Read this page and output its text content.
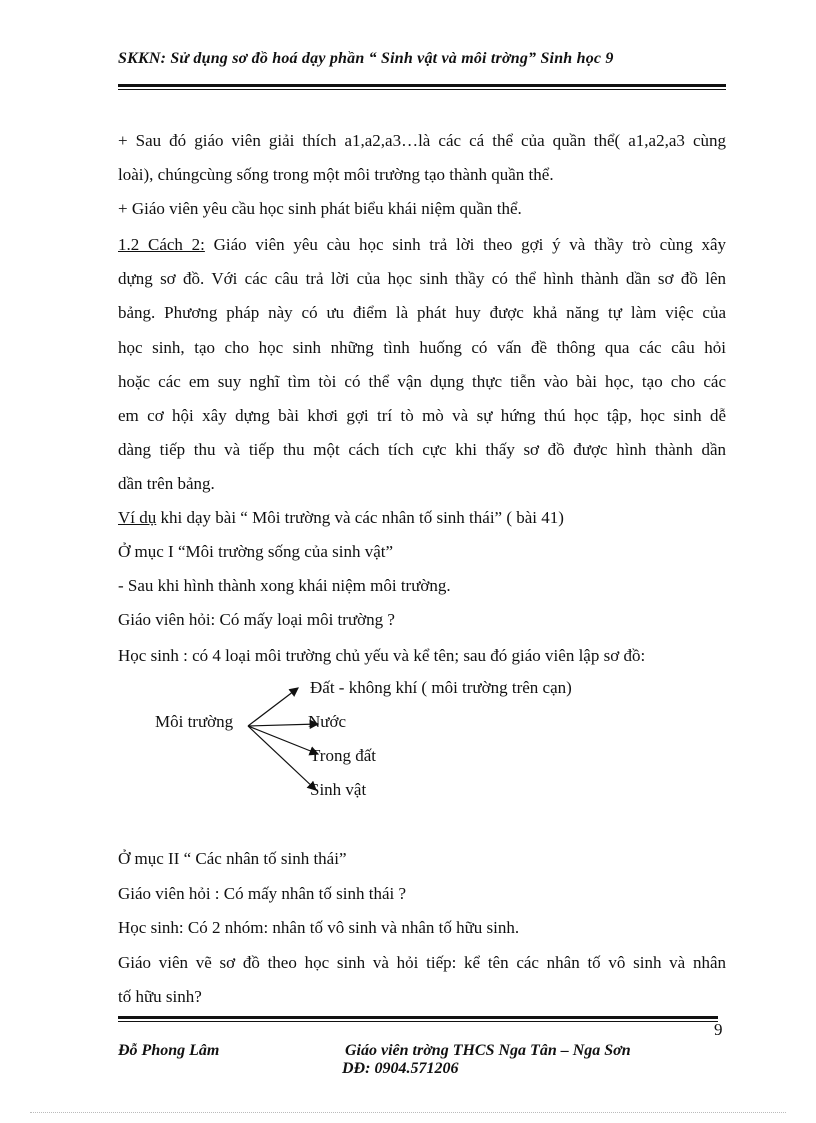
SKKN: Sử dụng sơ đồ hoá dạy phần “ Sinh vật và môi trờng” Sinh học 9
+ Sau đó giáo viên giải thích a1,a2,a3…là các cá thể của quần thể( a1,a2,a3 cùng
loài), chúngcùng sống trong một môi trường tạo thành quần thể.
+ Giáo viên yêu cầu học sinh phát biểu khái niệm quần thể.
1.2 Cách 2: Giáo viên yêu càu học sinh trả lời theo gợi ý và thầy trò cùng xây
dựng sơ đồ. Với các câu trả lời của học sinh thầy có thể hình thành dần sơ đồ lên
bảng. Phương pháp này có ưu điểm là phát huy được khả năng tự làm việc của
học sinh, tạo cho học sinh những tình huống có vấn đề thông qua các câu hỏi
hoặc các em suy nghĩ tìm tòi có thể vận dụng thực tiễn vào bài học, tạo cho các
em cơ hội xây dựng bài khơi gợi trí tò mò và sự hứng thú học tập, học sinh dễ
dàng tiếp thu và tiếp thu một cách tích cực khi thấy sơ đồ được hình thành dần
dần trên bảng.
Ví dụ khi dạy bài “ Môi trường và các nhân tố sinh thái” ( bài 41)
Ở mục I “Môi trường sống của sinh vật”
- Sau khi hình thành xong khái niệm môi trường.
Giáo viên hỏi: Có mấy loại môi trường ?
Học sinh : có 4 loại môi trường chủ yếu và kể tên; sau đó giáo viên lập sơ đồ:
Môi trường
Đất - không khí ( môi trường trên cạn)
Nước
Trong đất
Sinh vật
Ở mục II “ Các nhân tố sinh thái”
Giáo viên hỏi : Có mấy nhân tố sinh thái ?
Học sinh: Có 2 nhóm: nhân tố vô sinh và nhân tố hữu sinh.
Giáo viên vẽ sơ đồ theo học sinh và hỏi tiếp: kể tên các nhân tố vô sinh và nhân
tố hữu sinh?
9
Đỗ Phong Lâm	Giáo viên trờng THCS Nga Tân – Nga Sơn
DĐ: 0904.571206
